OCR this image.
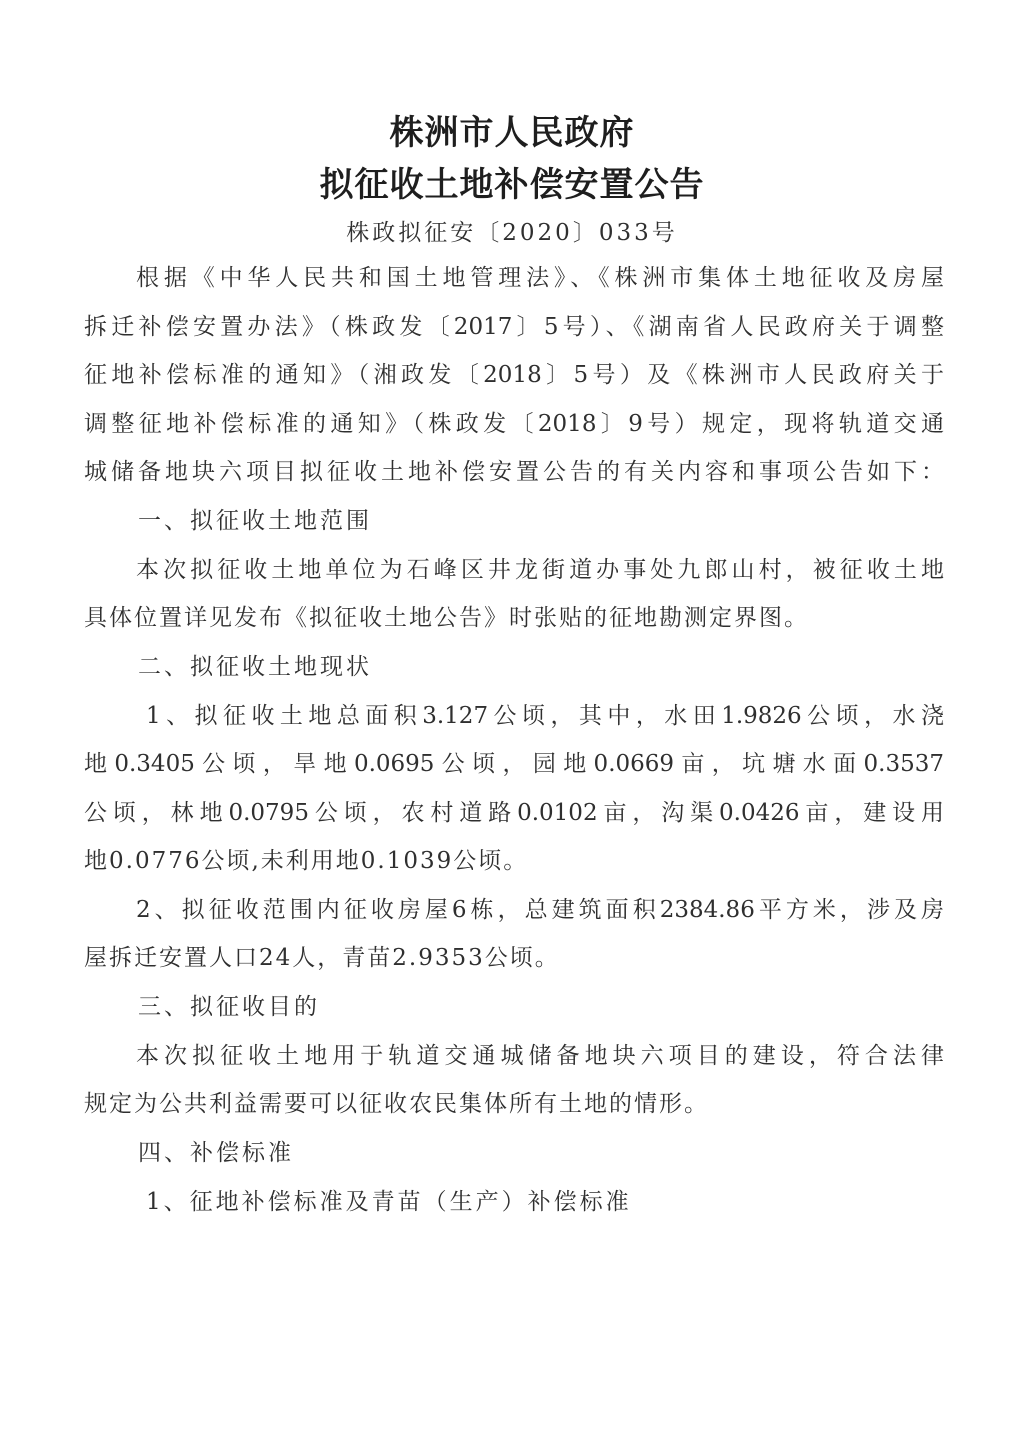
株洲市人民政府
拟征收土地补偿安置公告
株政拟征安〔2020〕033号
根据《中华人民共和国土地管理法》、《株洲市集体土地征收及房屋
拆迁补偿安置办法》（株政发〔2017〕5号）、《湖南省人民政府关于调整
征地补偿标准的通知》（湘政发〔2018〕5号）及《株洲市人民政府关于
调整征地补偿标准的通知》（株政发〔2018〕9号）规定，现将轨道交通
城储备地块六项目拟征收土地补偿安置公告的有关内容和事项公告如下：
一、拟征收土地范围
本次拟征收土地单位为石峰区井龙街道办事处九郎山村，被征收土地
具体位置详见发布《拟征收土地公告》时张贴的征地勘测定界图。
二、拟征收土地现状
1、拟征收土地总面积3.127公顷，其中，水田1.9826公顷，水浇
地0.3405公顷，旱地0.0695公顷，园地0.0669亩，坑塘水面0.3537
公顷，林地0.0795公顷，农村道路0.0102亩，沟渠0.0426亩，建设用
地0.0776公顷,未利用地0.1039公顷。
2、拟征收范围内征收房屋6栋，总建筑面积2384.86平方米，涉及房
屋拆迁安置人口24人，青苗2.9353公顷。
三、拟征收目的
本次拟征收土地用于轨道交通城储备地块六项目的建设，符合法律
规定为公共利益需要可以征收农民集体所有土地的情形。
四、补偿标准
1、征地补偿标准及青苗（生产）补偿标准
